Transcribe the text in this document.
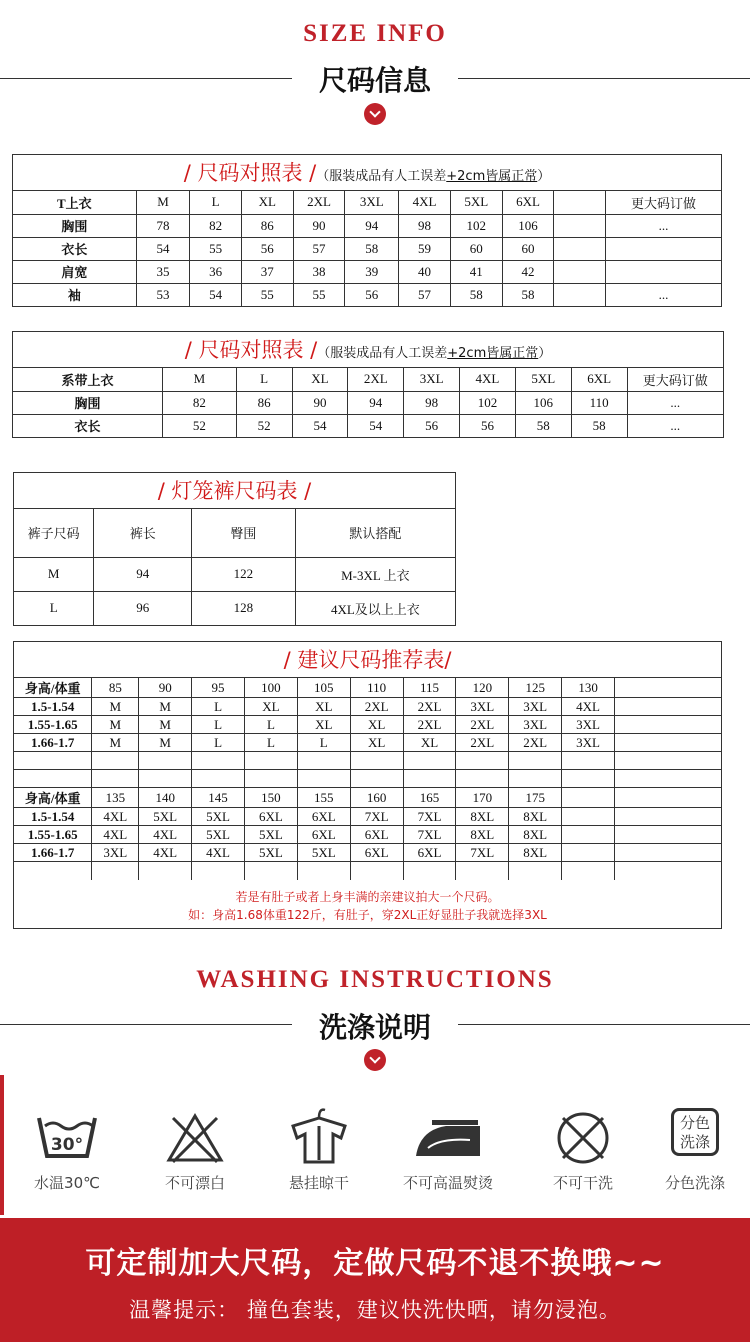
SIZE INFO
尺码信息
/ 尺码对照表 /（服装成品有人工误差+2cm皆属正常）
T上衣	M	L	XL	2XL	3XL	4XL	5XL	6XL		更大码订做
胸围	78	82	86	90	94	98	102	106		...
衣长	54	55	56	57	58	59	60	60		
肩宽	35	36	37	38	39	40	41	42		
袖	53	54	55	55	56	57	58	58		...
/ 尺码对照表 /（服装成品有人工误差+2cm皆属正常）
系带上衣	M	L	XL	2XL	3XL	4XL	5XL	6XL	更大码订做
胸围	82	86	90	94	98	102	106	110	...
衣长	52	52	54	54	56	56	58	58	...
/ 灯笼裤尺码表 /
裤子尺码	裤长	臀围	默认搭配
M	94	122	M-3XL 上衣
L	96	128	4XL及以上上衣
/ 建议尺码推荐表/
身高/体重	85	90	95	100	105	110	115	120	125	130	
1.5-1.54	M	M	L	XL	XL	2XL	2XL	3XL	3XL	4XL	
1.55-1.65	M	M	L	L	XL	XL	2XL	2XL	3XL	3XL	
1.66-1.7	M	M	L	L	L	XL	XL	2XL	2XL	3XL	

身高/体重	135	140	145	150	155	160	165	170	175		
1.5-1.54	4XL	5XL	5XL	6XL	6XL	7XL	7XL	8XL	8XL		
1.55-1.65	4XL	4XL	5XL	5XL	6XL	6XL	7XL	8XL	8XL		
1.66-1.7	3XL	4XL	4XL	5XL	5XL	6XL	6XL	7XL	8XL		

若是有肚子或者上身丰满的亲建议拍大一个尺码。
如：身高1.68体重122斤，有肚子，穿2XL正好显肚子我就选择3XL
WASHING INSTRUCTIONS
洗涤说明
30°
水温30℃	不可漂白	悬挂晾干	不可高温熨烫	不可干洗
分色洗涤
分色洗涤
可定制加大尺码，定做尺码不退不换哦~~
温馨提示： 撞色套装，建议快洗快晒，请勿浸泡。
